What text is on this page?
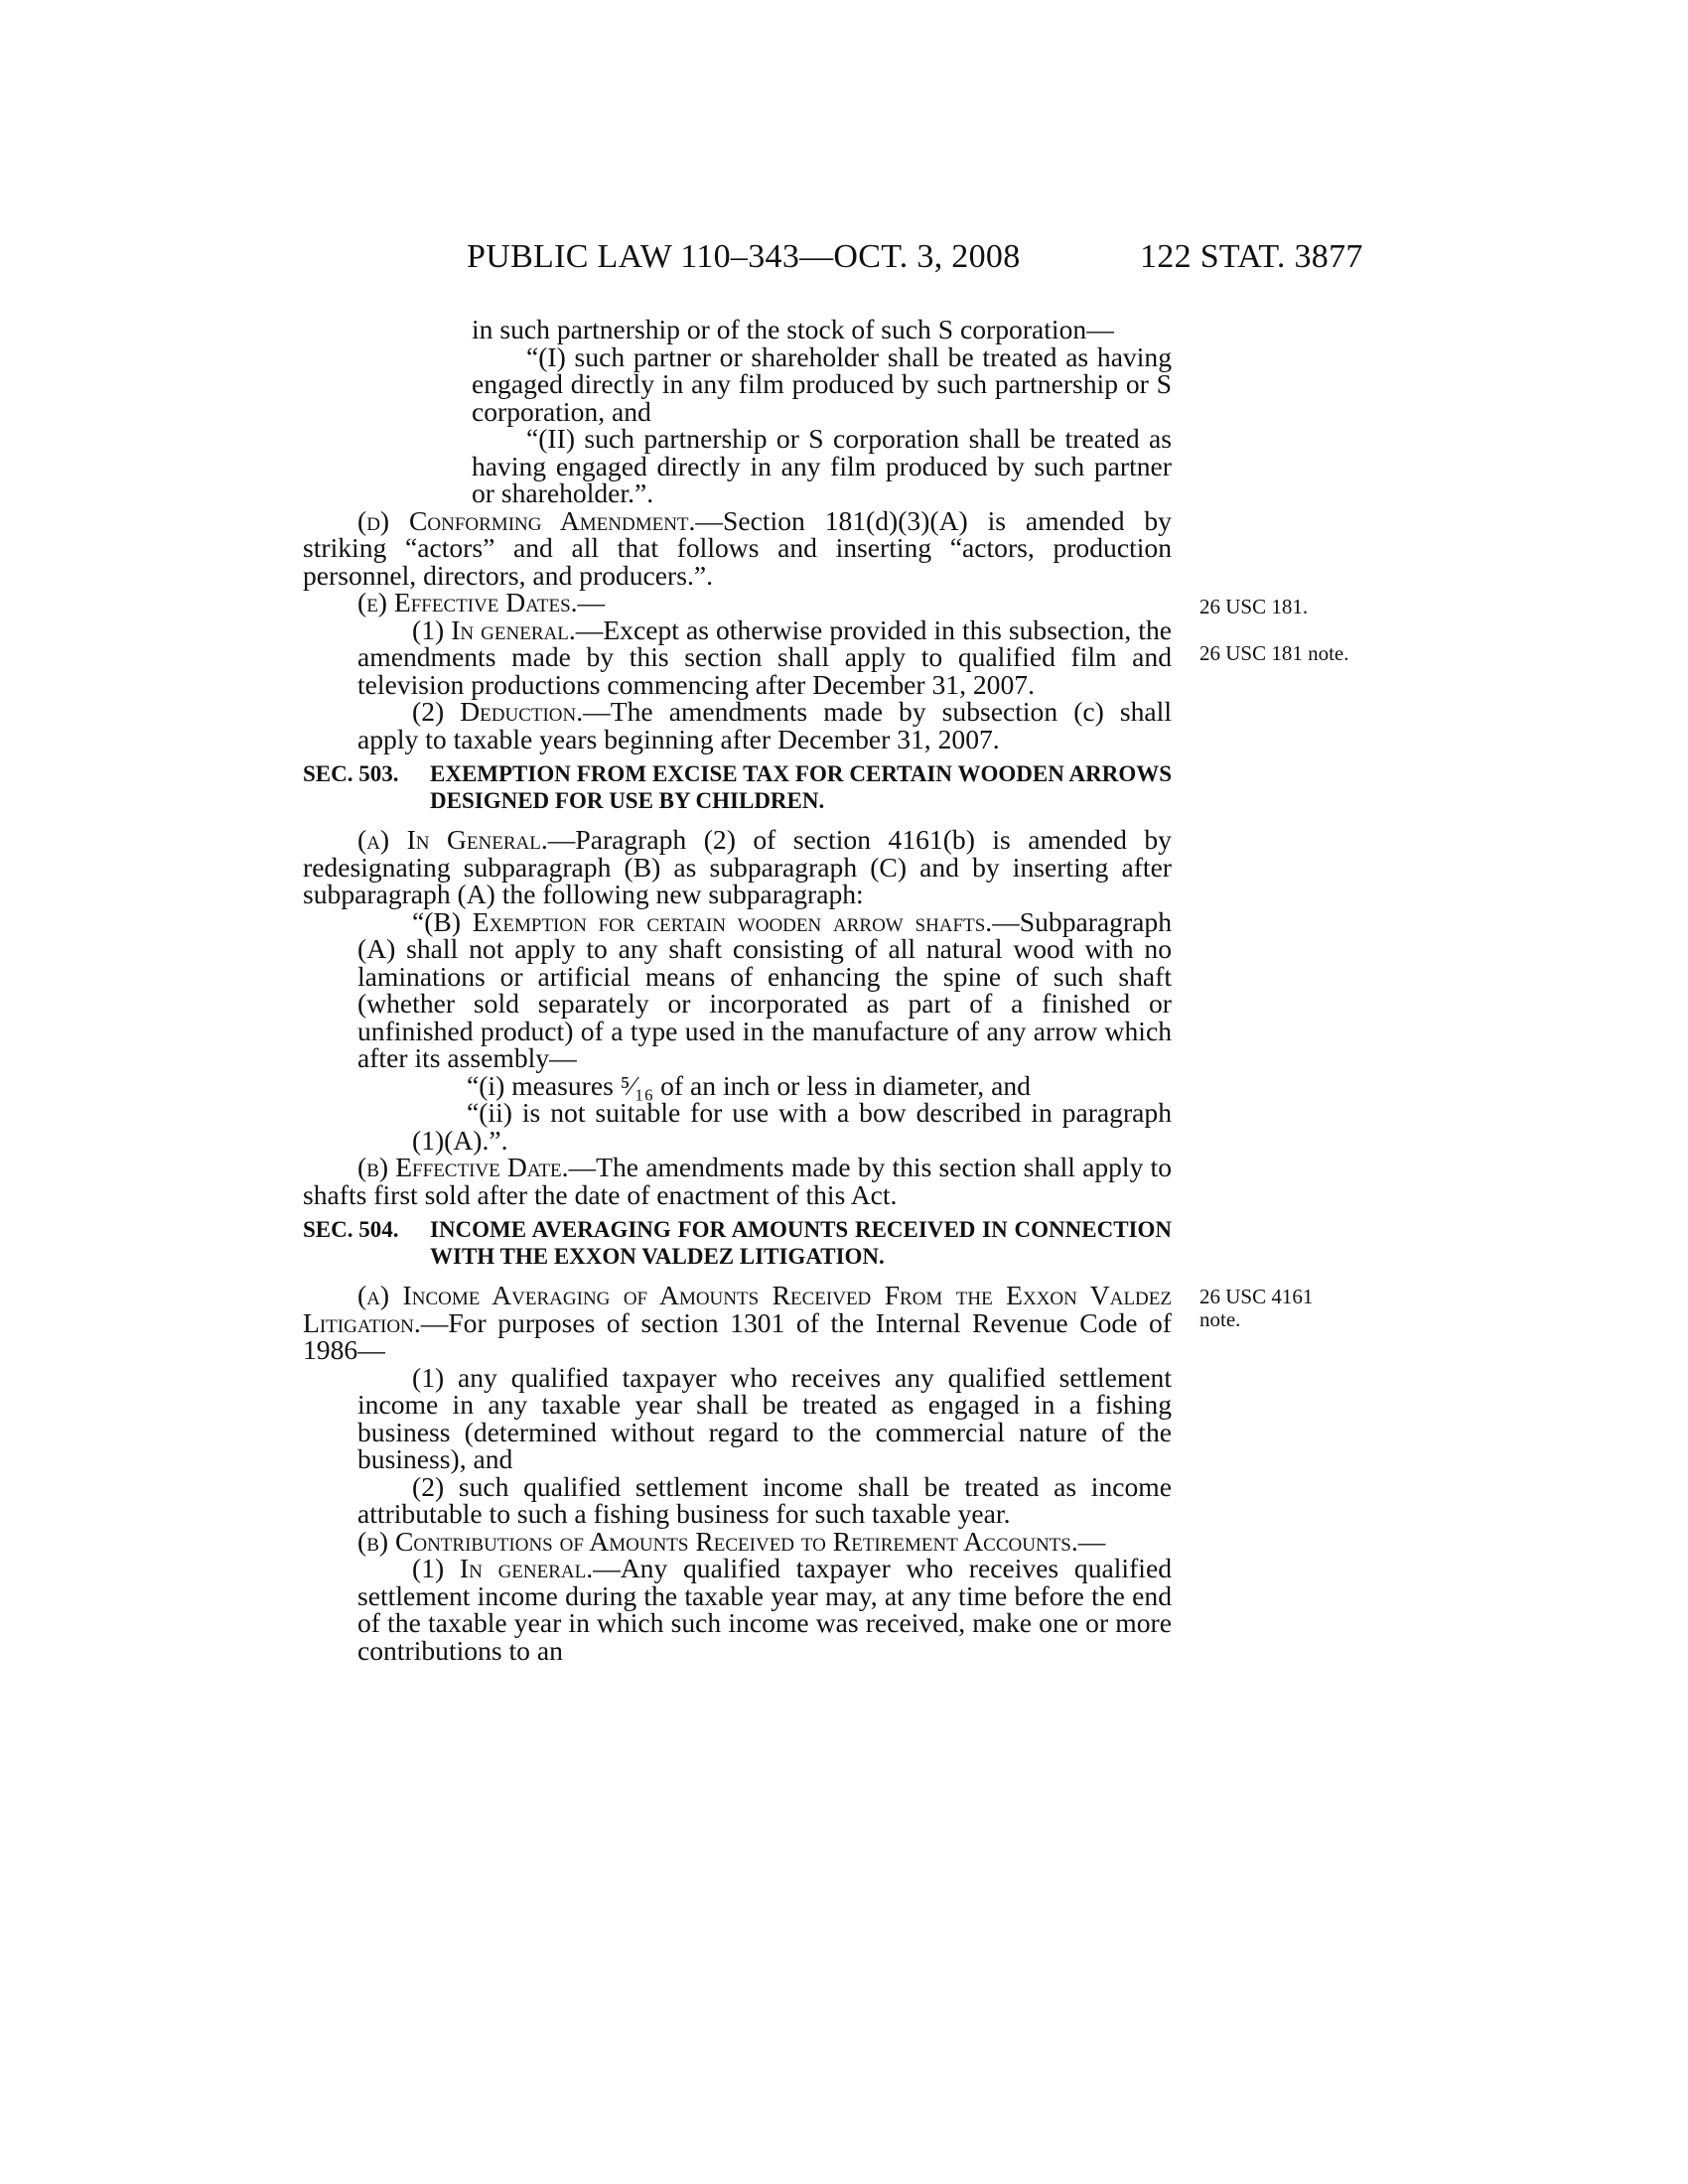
PUBLIC LAW 110–343—OCT. 3, 2008	122 STAT. 3877

in such partnership or of the stock of such S corporation—

“(I) such partner or shareholder shall be treated as having engaged directly in any film produced by such partnership or S corporation, and

“(II) such partnership or S corporation shall be treated as having engaged directly in any film produced by such partner or shareholder.”.

(d) Conforming Amendment.—Section 181(d)(3)(A) is amended by striking “actors” and all that follows and inserting “actors, production personnel, directors, and producers.”.

(e) Effective Dates.—

(1) In general.—Except as otherwise provided in this subsection, the amendments made by this section shall apply to qualified film and television productions commencing after December 31, 2007.

(2) Deduction.—The amendments made by subsection (c) shall apply to taxable years beginning after December 31, 2007.

SEC. 503. EXEMPTION FROM EXCISE TAX FOR CERTAIN WOODEN ARROWS DESIGNED FOR USE BY CHILDREN.

(a) In General.—Paragraph (2) of section 4161(b) is amended by redesignating subparagraph (B) as subparagraph (C) and by inserting after subparagraph (A) the following new subparagraph:

“(B) Exemption for certain wooden arrow shafts.—Subparagraph (A) shall not apply to any shaft consisting of all natural wood with no laminations or artificial means of enhancing the spine of such shaft (whether sold separately or incorporated as part of a finished or unfinished product) of a type used in the manufacture of any arrow which after its assembly—

“(i) measures ⁵⁄₁₆ of an inch or less in diameter, and

“(ii) is not suitable for use with a bow described in paragraph (1)(A).”.

(b) Effective Date.—The amendments made by this section shall apply to shafts first sold after the date of enactment of this Act.

SEC. 504. INCOME AVERAGING FOR AMOUNTS RECEIVED IN CONNECTION WITH THE EXXON VALDEZ LITIGATION.

(a) Income Averaging of Amounts Received From the Exxon Valdez Litigation.—For purposes of section 1301 of the Internal Revenue Code of 1986—

(1) any qualified taxpayer who receives any qualified settlement income in any taxable year shall be treated as engaged in a fishing business (determined without regard to the commercial nature of the business), and

(2) such qualified settlement income shall be treated as income attributable to such a fishing business for such taxable year.

(b) Contributions of Amounts Received to Retirement Accounts.—

(1) In general.—Any qualified taxpayer who receives qualified settlement income during the taxable year may, at any time before the end of the taxable year in which such income was received, make one or more contributions to an

26 USC 181.
26 USC 181 note.
26 USC 4161 note.
